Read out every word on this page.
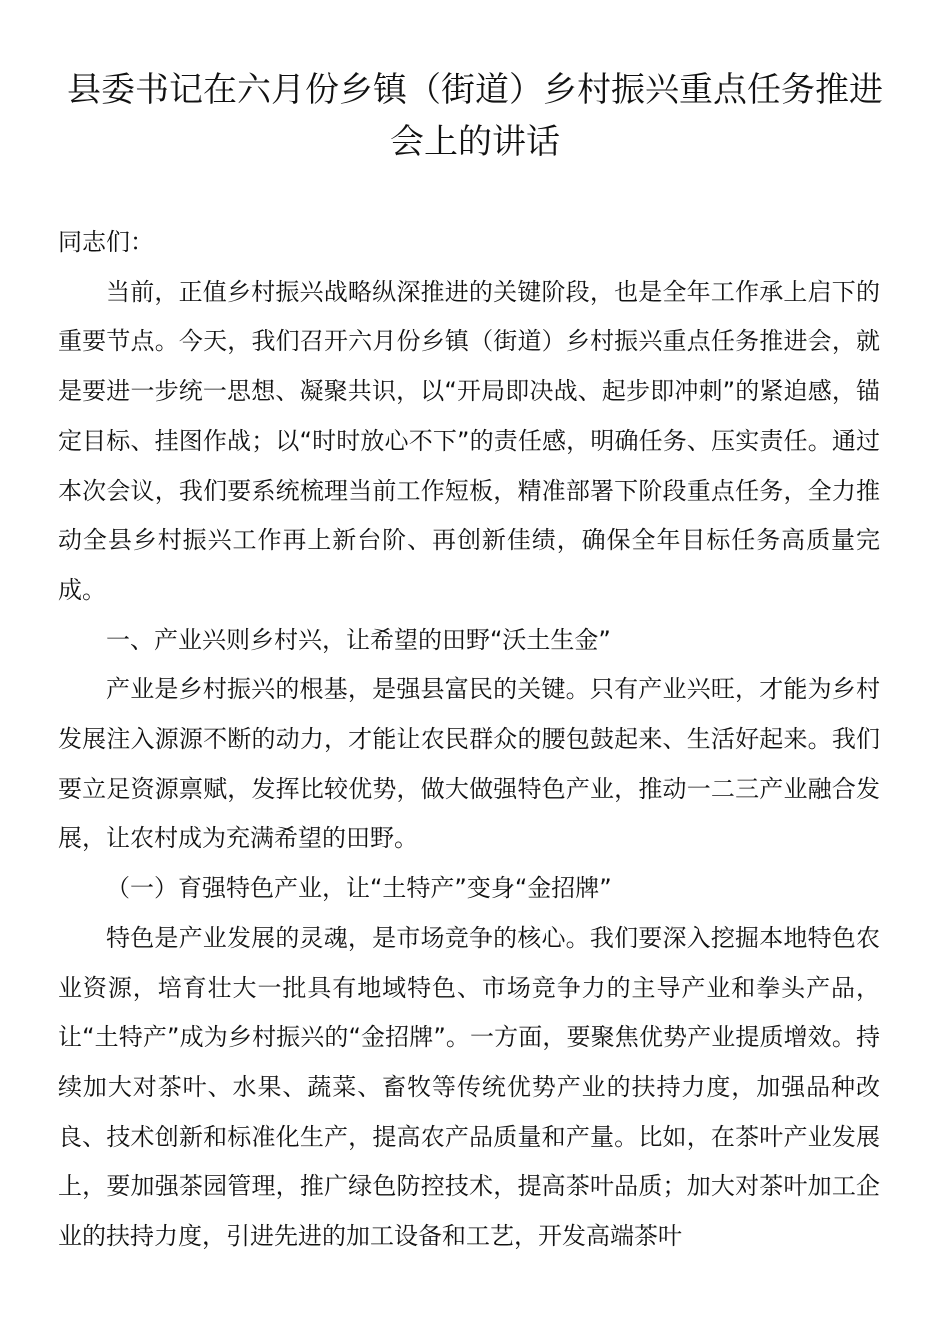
县委书记在六月份乡镇（街道）乡村振兴重点任务推进会上的讲话

同志们：

当前，正值乡村振兴战略纵深推进的关键阶段，也是全年工作承上启下的重要节点。今天，我们召开六月份乡镇（街道）乡村振兴重点任务推进会，就是要进一步统一思想、凝聚共识，以“开局即决战、起步即冲刺”的紧迫感，锚定目标、挂图作战；以“时时放心不下”的责任感，明确任务、压实责任。通过本次会议，我们要系统梳理当前工作短板，精准部署下阶段重点任务，全力推动全县乡村振兴工作再上新台阶、再创新佳绩，确保全年目标任务高质量完成。

一、产业兴则乡村兴，让希望的田野“沃土生金”

产业是乡村振兴的根基，是强县富民的关键。只有产业兴旺，才能为乡村发展注入源源不断的动力，才能让农民群众的腰包鼓起来、生活好起来。我们要立足资源禀赋，发挥比较优势，做大做强特色产业，推动一二三产业融合发展，让农村成为充满希望的田野。

（一）育强特色产业，让“土特产”变身“金招牌”

特色是产业发展的灵魂，是市场竞争的核心。我们要深入挖掘本地特色农业资源，培育壮大一批具有地域特色、市场竞争力的主导产业和拳头产品，让“土特产”成为乡村振兴的“金招牌”。一方面，要聚焦优势产业提质增效。持续加大对茶叶、水果、蔬菜、畜牧等传统优势产业的扶持力度，加强品种改良、技术创新和标准化生产，提高农产品质量和产量。比如，在茶叶产业发展上，要加强茶园管理，推广绿色防控技术，提高茶叶品质；加大对茶叶加工企业的扶持力度，引进先进的加工设备和工艺，开发高端茶叶
